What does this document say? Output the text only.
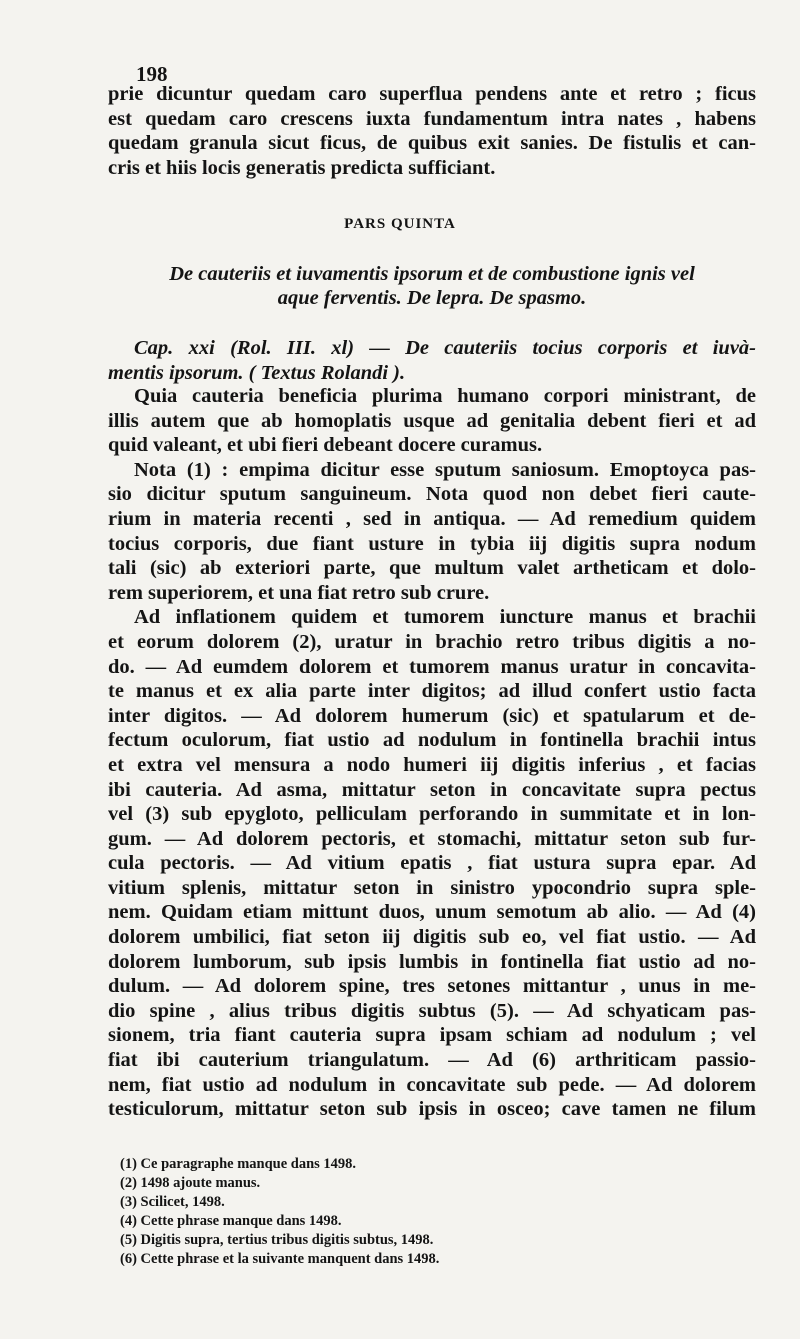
198
prie dicuntur quedam caro superflua pendens ante et retro ; ficus
est quedam caro crescens iuxta fundamentum intra nates , habens
quedam granula sicut ficus, de quibus exit sanies. De fistulis et can-
cris et hiis locis generatis predicta sufficiant.
PARS QUINTA
De cauteriis et iuvamentis ipsorum et de combustione ignis vel
aque ferventis. De lepra. De spasmo.
Cap. xxi (Rol. III. xl) — De cauteriis tocius corporis et iuvà-
mentis ipsorum. ( Textus Rolandi ).
Quia cauteria beneficia plurima humano corpori ministrant, de
illis autem que ab homoplatis usque ad genitalia debent fieri et ad
quid valeant, et ubi fieri debeant docere curamus.
Nota (1) : empima dicitur esse sputum saniosum. Emoptoyca pas-
sio dicitur sputum sanguineum. Nota quod non debet fieri caute-
rium in materia recenti , sed in antiqua. — Ad remedium quidem
tocius corporis, due fiant usture in tybia iij digitis supra nodum
tali (sic) ab exteriori parte, que multum valet artheticam et dolo-
rem superiorem, et una fiat retro sub crure.
Ad inflationem quidem et tumorem iuncture manus et brachii
et eorum dolorem (2), uratur in brachio retro tribus digitis a no-
do. — Ad eumdem dolorem et tumorem manus uratur in concavita-
te manus et ex alia parte inter digitos; ad illud confert ustio facta
inter digitos. — Ad dolorem humerum (sic) et spatularum et de-
fectum oculorum, fiat ustio ad nodulum in fontinella brachii intus
et extra vel mensura a nodo humeri iij digitis inferius , et facias
ibi cauteria. Ad asma, mittatur seton in concavitate supra pectus
vel (3) sub epygloto, pelliculam perforando in summitate et in lon-
gum. — Ad dolorem pectoris, et stomachi, mittatur seton sub fur-
cula pectoris. — Ad vitium epatis , fiat ustura supra epar. Ad
vitium splenis, mittatur seton in sinistro ypocondrio supra sple-
nem. Quidam etiam mittunt duos, unum semotum ab alio. — Ad (4)
dolorem umbilici, fiat seton iij digitis sub eo, vel fiat ustio. — Ad
dolorem lumborum, sub ipsis lumbis in fontinella fiat ustio ad no-
dulum. — Ad dolorem spine, tres setones mittantur , unus in me-
dio spine , alius tribus digitis subtus (5). — Ad schyaticam pas-
sionem, tria fiant cauteria supra ipsam schiam ad nodulum ; vel
fiat ibi cauterium triangulatum. — Ad (6) arthriticam passio-
nem, fiat ustio ad nodulum in concavitate sub pede. — Ad dolorem
testiculorum, mittatur seton sub ipsis in osceo; cave tamen ne filum
(1) Ce paragraphe manque dans 1498.
(2) 1498 ajoute manus.
(3) Scilicet, 1498.
(4) Cette phrase manque dans 1498.
(5) Digitis supra, tertius tribus digitis subtus, 1498.
(6) Cette phrase et la suivante manquent dans 1498.
